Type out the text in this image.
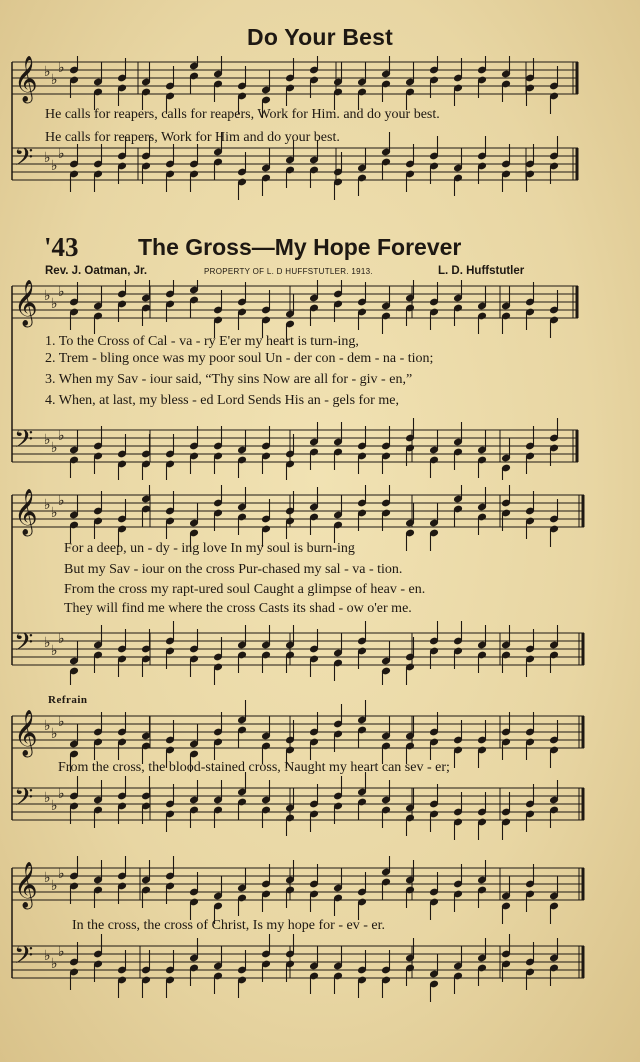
Do Your Best
'43	The Gross—My Hope Forever
Rev. J. Oatman, Jr.	PROPERTY OF L. D HUFFSTUTLER. 1913.	L. D. Huffstutler
𝄞 ♭ ♭
♭
𝄢 ♭ ♭
♭
𝄞 ♭ ♭
♭
𝄢 ♭ ♭
♭
𝄞 ♭ ♭
♭
𝄢 ♭ ♭
♭
𝄞 ♭ ♭
♭
𝄢 ♭ ♭
♭
𝄞 ♭ ♭
♭
𝄢 ♭ ♭
♭
He calls for reapers, calls for reapers, Work for Him. and do your best.
He calls for reapers, Work for Him and do your best.
1. To the Cross of Cal - va - ry E'er my heart is turn-ing,
2. Trem - bling once was my poor soul Un - der con - dem - na - tion;
3. When my Sav - iour said, “Thy sins Now are all for - giv - en,”
4. When, at last, my bless - ed Lord Sends His an - gels for me,
For a deep, un - dy - ing love In my soul is burn-ing
But my Sav - iour on the cross Pur-chased my sal - va - tion.
From the cross my rapt-ured soul Caught a glimpse of heav - en.
They will find me where the cross Casts its shad - ow o'er me.
Refrain
From the cross, the blood-stained cross, Naught my heart can sev - er;
In the cross, the cross of Christ, Is my hope for - ev - er.
